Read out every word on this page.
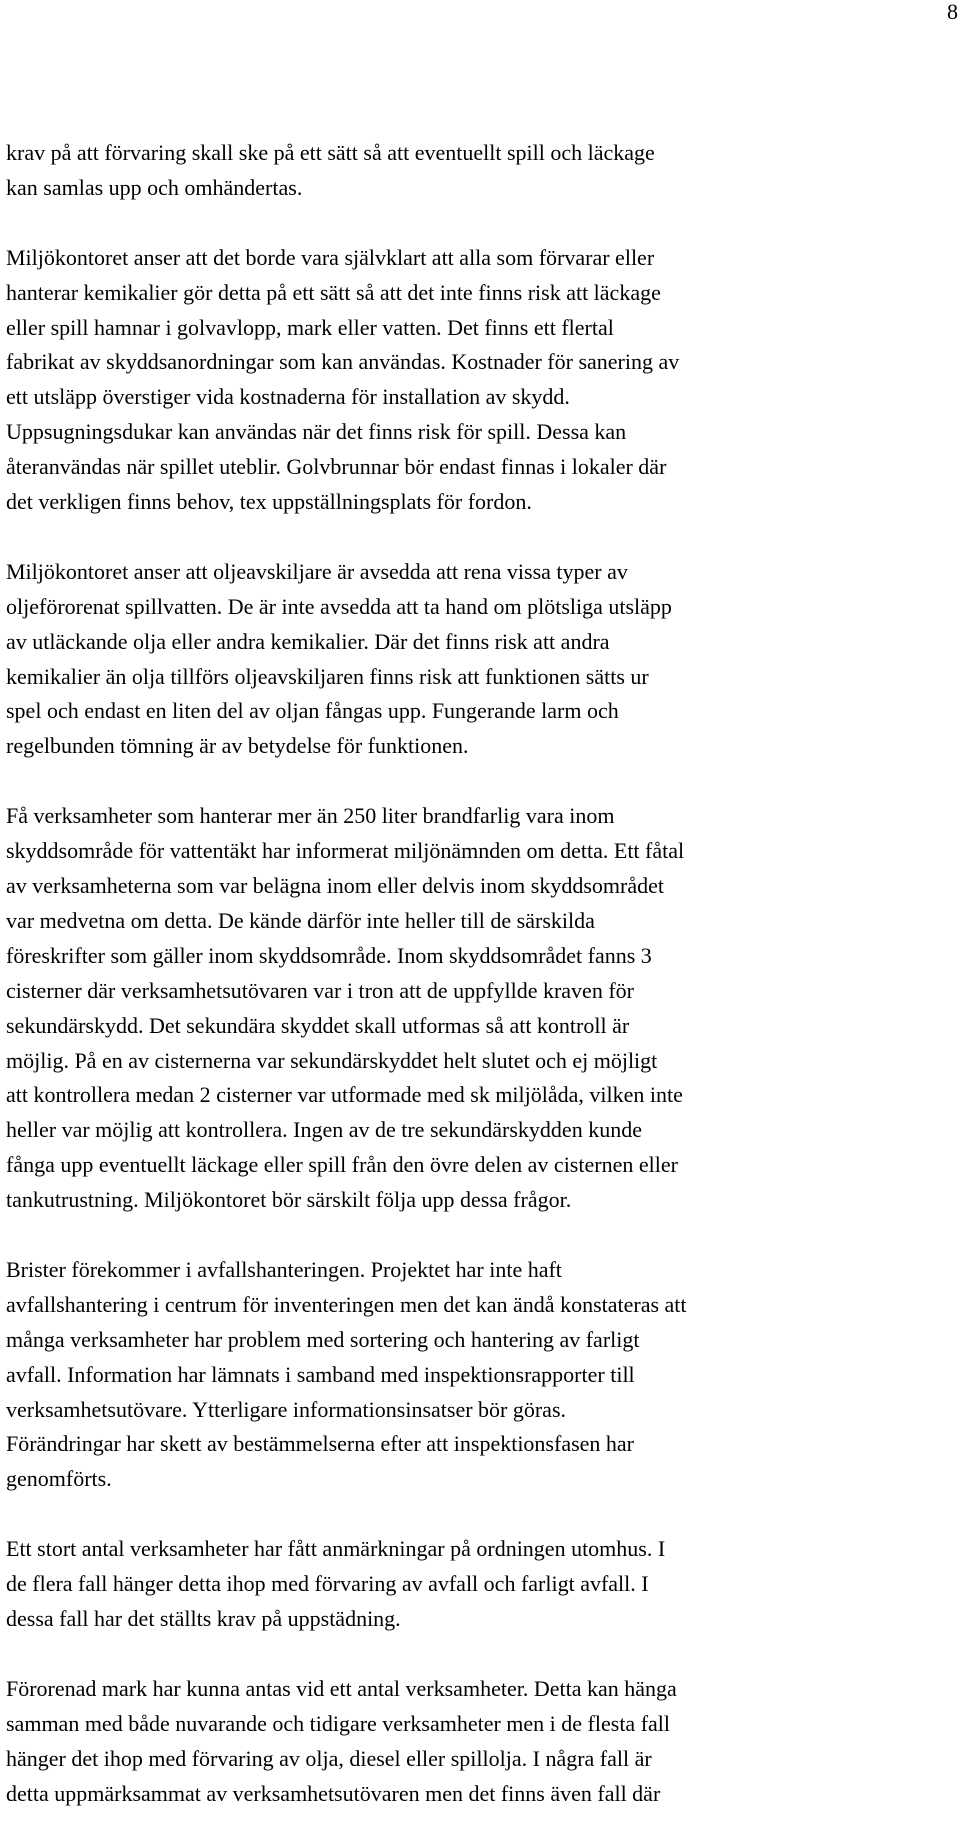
8
krav på att förvaring skall ske på ett sätt så att eventuellt spill och läckage
kan samlas upp och omhändertas.
Miljökontoret anser att det borde vara självklart att alla som förvarar eller
hanterar kemikalier gör detta på ett sätt så att det inte finns risk att läckage
eller spill hamnar i golvavlopp, mark eller vatten. Det finns ett flertal
fabrikat av skyddsanordningar som kan användas. Kostnader för sanering av
ett utsläpp överstiger vida kostnaderna för installation av skydd.
Uppsugningsdukar kan användas när det finns risk för spill. Dessa kan
återanvändas när spillet uteblir. Golvbrunnar bör endast finnas i lokaler där
det verkligen finns behov, tex uppställningsplats för fordon.
Miljökontoret anser att oljeavskiljare är avsedda att rena vissa typer av
oljeförorenat spillvatten. De är inte avsedda att ta hand om plötsliga utsläpp
av utläckande olja eller andra kemikalier. Där det finns risk att andra
kemikalier än olja tillförs oljeavskiljaren finns risk att funktionen sätts ur
spel och endast en liten del av oljan fångas upp. Fungerande larm och
regelbunden tömning är av betydelse för funktionen.
Få verksamheter som hanterar mer än 250 liter brandfarlig vara inom
skyddsområde för vattentäkt har informerat miljönämnden om detta. Ett fåtal
av verksamheterna som var belägna inom eller delvis inom skyddsområdet
var medvetna om detta. De kände därför inte heller till de särskilda
föreskrifter som gäller inom skyddsområde. Inom skyddsområdet fanns 3
cisterner där verksamhetsutövaren var i tron att de uppfyllde kraven för
sekundärskydd. Det sekundära skyddet skall utformas så att kontroll är
möjlig. På en av cisternerna var sekundärskyddet helt slutet och ej möjligt
att kontrollera medan 2 cisterner var utformade med sk miljölåda, vilken inte
heller var möjlig att kontrollera. Ingen av de tre sekundärskydden kunde
fånga upp eventuellt läckage eller spill från den övre delen av cisternen eller
tankutrustning. Miljökontoret bör särskilt följa upp dessa frågor.
Brister förekommer i avfallshanteringen. Projektet har inte haft
avfallshantering i centrum för inventeringen men det kan ändå konstateras att
många verksamheter har problem med sortering och hantering av farligt
avfall. Information har lämnats i samband med inspektionsrapporter till
verksamhetsutövare. Ytterligare informationsinsatser bör göras.
Förändringar har skett av bestämmelserna efter att inspektionsfasen har
genomförts.
Ett stort antal verksamheter har fått anmärkningar på ordningen utomhus. I
de flera fall hänger detta ihop med förvaring av avfall och farligt avfall. I
dessa fall har det ställts krav på uppstädning.
Förorenad mark har kunna antas vid ett antal verksamheter. Detta kan hänga
samman med både nuvarande och tidigare verksamheter men i de flesta fall
hänger det ihop med förvaring av olja, diesel eller spillolja. I några fall är
detta uppmärksammat av verksamhetsutövaren men det finns även fall där
